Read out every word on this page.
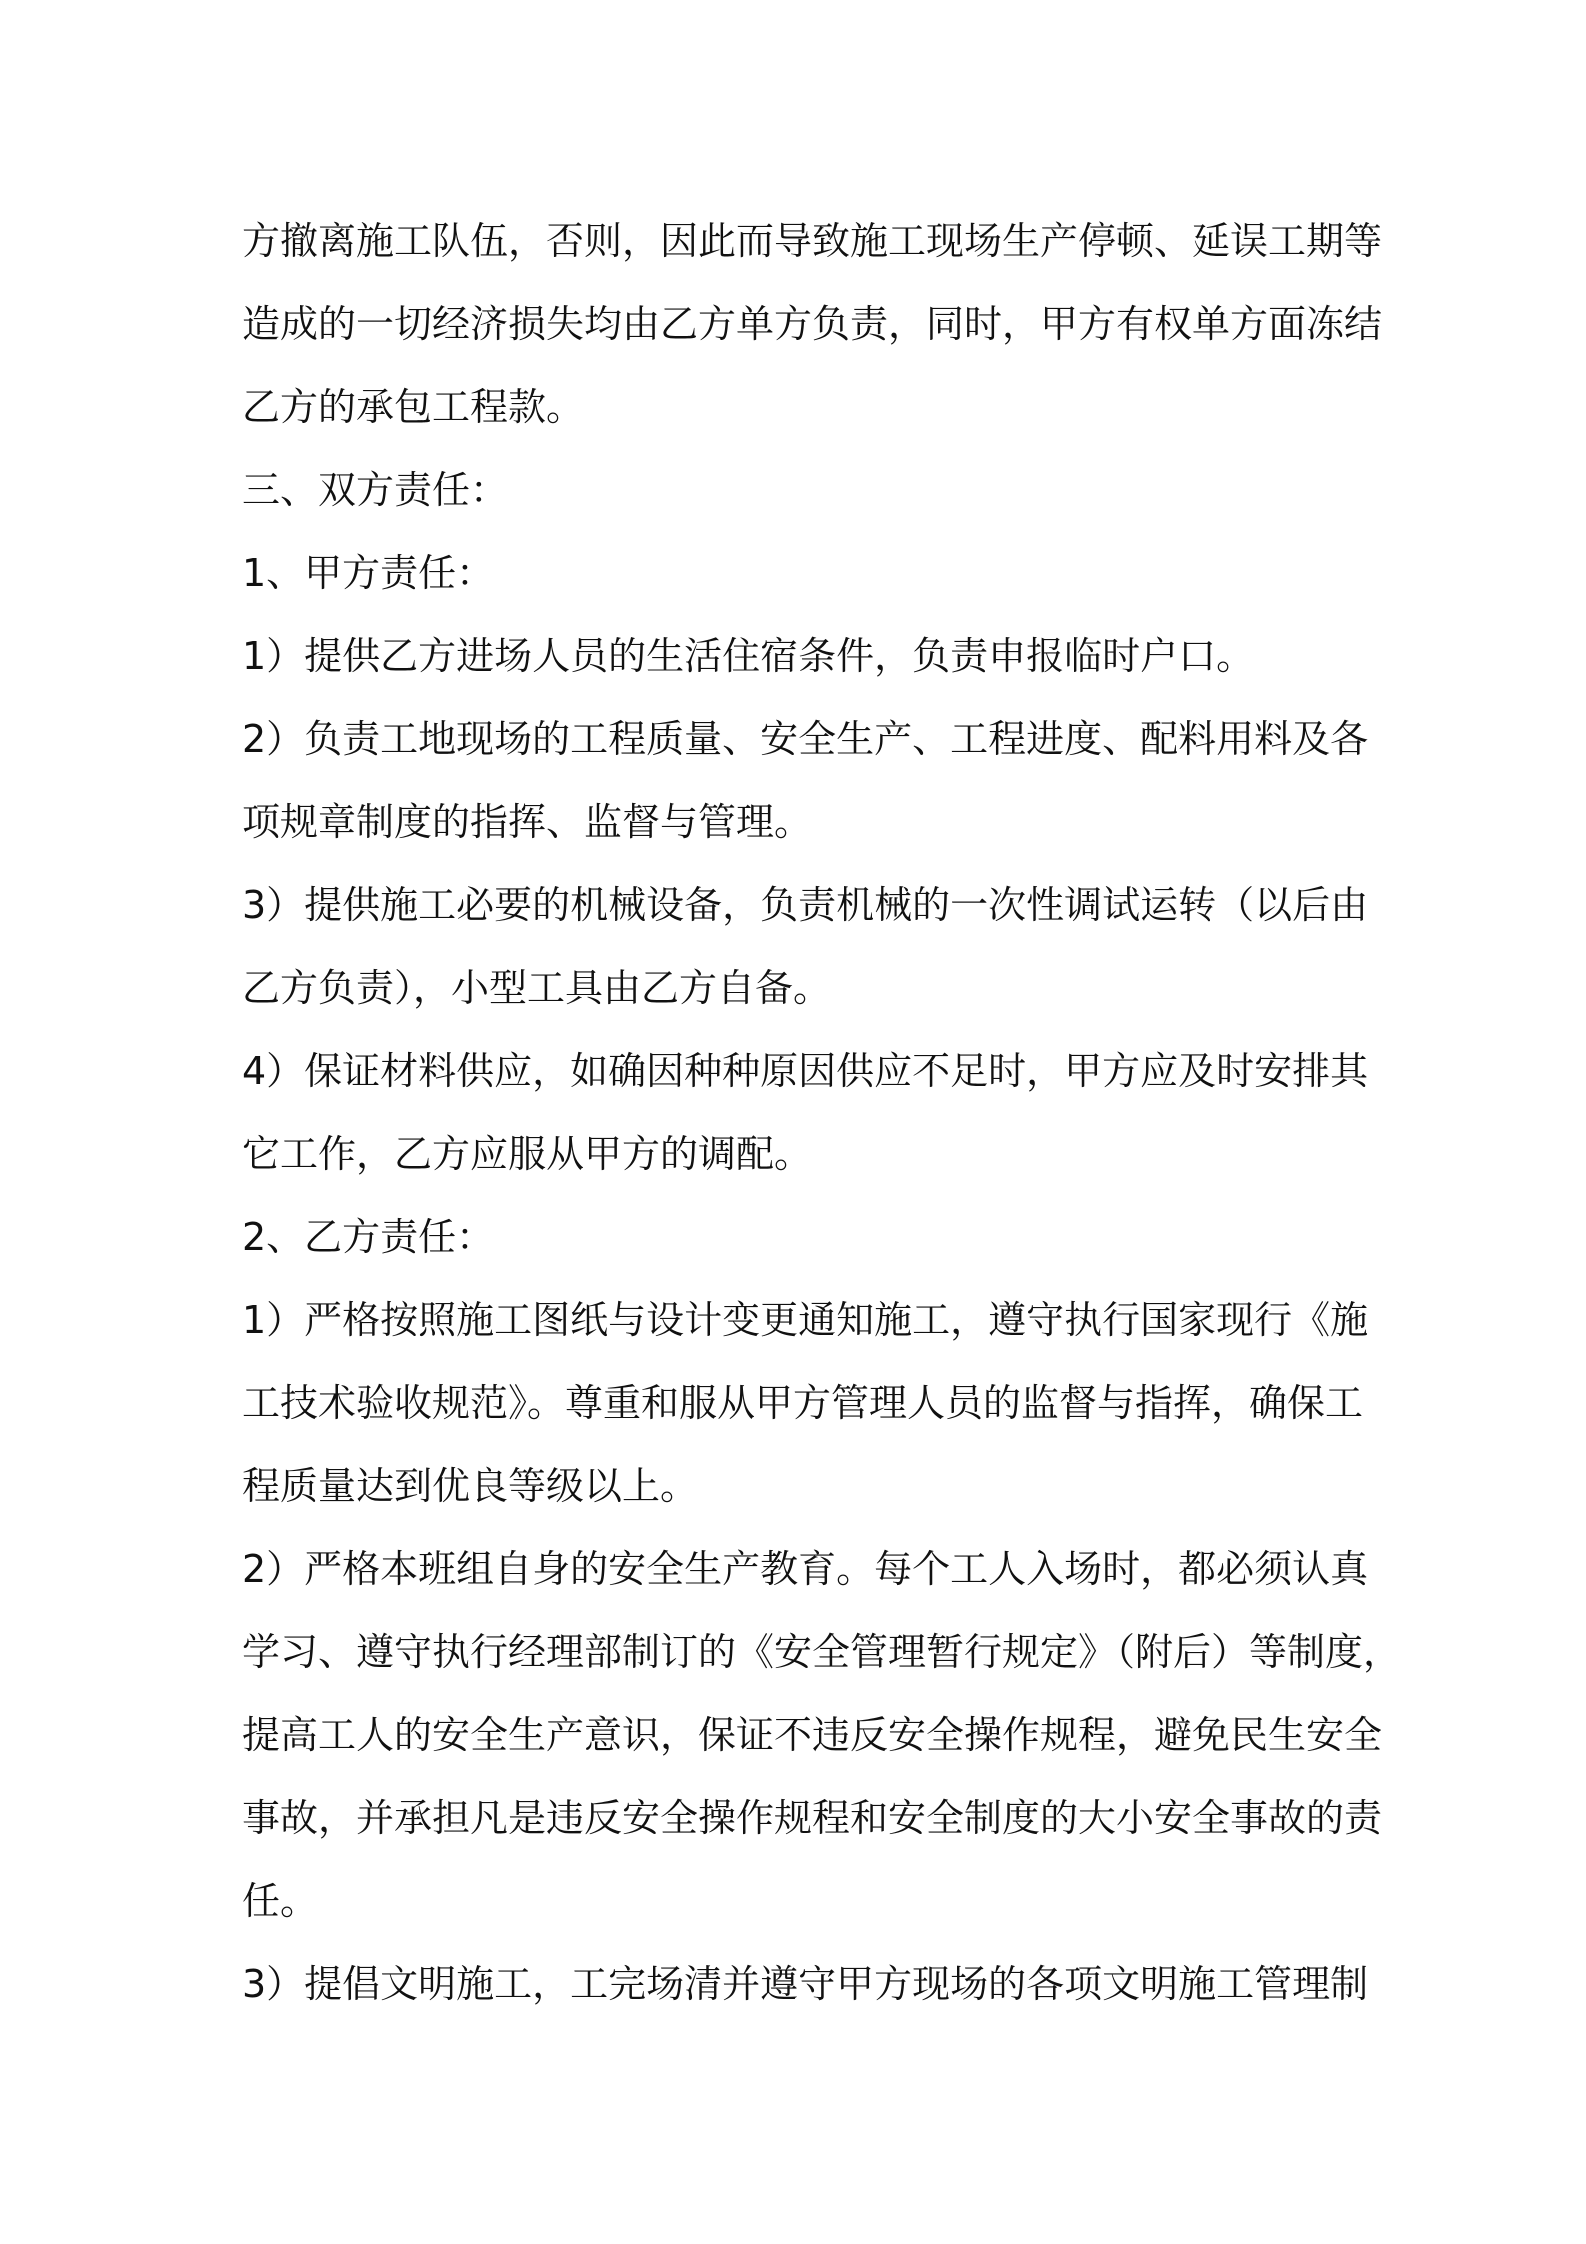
方撤离施工队伍，否则，因此而导致施工现场生产停顿、延误工期等
造成的一切经济损失均由乙方单方负责，同时，甲方有权单方面冻结
乙方的承包工程款。
三、双方责任：
1、甲方责任：
1）提供乙方进场人员的生活住宿条件，负责申报临时户口。
2）负责工地现场的工程质量、安全生产、工程进度、配料用料及各
项规章制度的指挥、监督与管理。
3）提供施工必要的机械设备，负责机械的一次性调试运转（以后由
乙方负责），小型工具由乙方自备。
4）保证材料供应，如确因种种原因供应不足时，甲方应及时安排其
它工作，乙方应服从甲方的调配。
2、乙方责任：
1）严格按照施工图纸与设计变更通知施工，遵守执行国家现行《施
工技术验收规范》。尊重和服从甲方管理人员的监督与指挥，确保工
程质量达到优良等级以上。
2）严格本班组自身的安全生产教育。每个工人入场时，都必须认真
学习、遵守执行经理部制订的《安全管理暂行规定》（附后）等制度，
提高工人的安全生产意识，保证不违反安全操作规程，避免民生安全
事故，并承担凡是违反安全操作规程和安全制度的大小安全事故的责
任。
3）提倡文明施工，工完场清并遵守甲方现场的各项文明施工管理制
